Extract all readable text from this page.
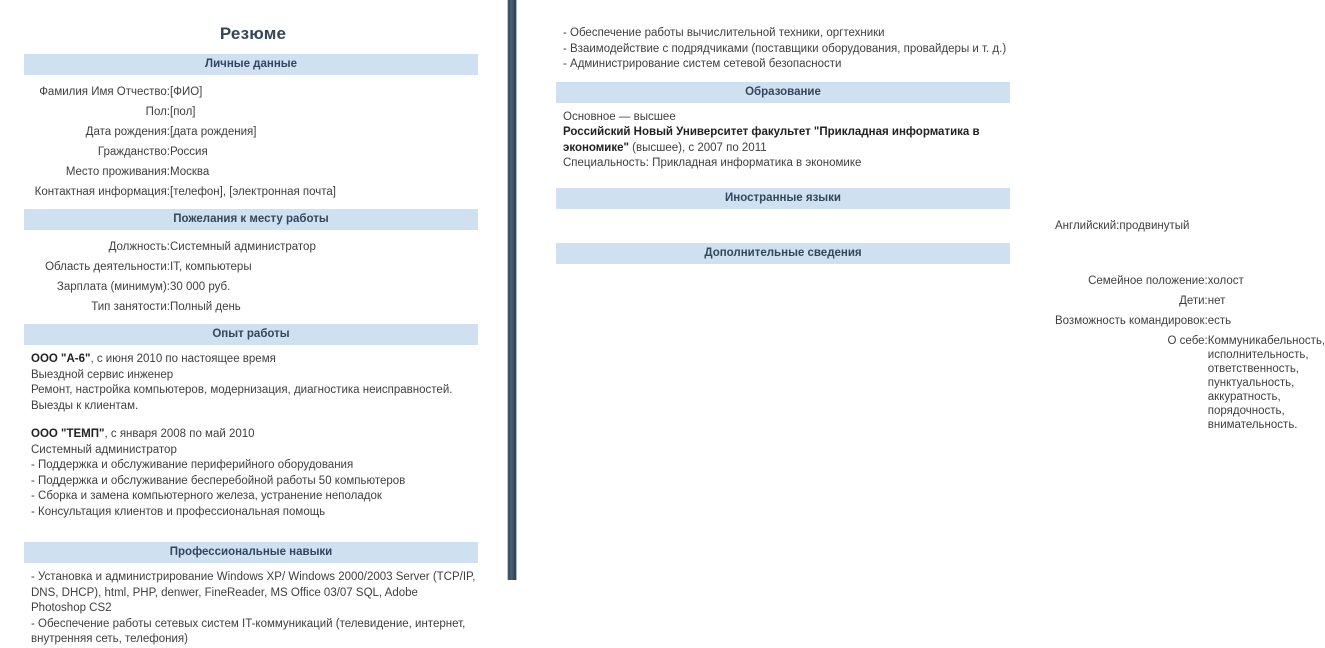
Резюме
Личные данные
Фамилия Имя Отчество:	[ФИО]
Пол:	[пол]
Дата рождения:	[дата рождения]
Гражданство:	Россия
Место проживания:	Москва
Контактная информация:	[телефон], [электронная почта]
Пожелания к месту работы
Должность:	Системный администратор
Область деятельности:	IT, компьютеры
Зарплата (минимум):	30 000 руб.
Тип занятости:	Полный день
Опыт работы

ООО "А-6", с июня 2010 по настоящее время

Выездной сервис инженер

Ремонт, настройка компьютеров, модернизация, диагностика неисправностей. Выезды к клиентам.

ООО "ТЕМП", с января 2008 по май 2010

Системный администратор

- Поддержка и обслуживание периферийного оборудования

- Поддержка и обслуживание бесперебойной работы 50 компьютеров

- Сборка и замена компьютерного железа, устранение неполадок

- Консультация клиентов и профессиональная помощь

Профессиональные навыки

- Установка и администрирование Windows XP/ Windows 2000/2003 Server (TCP/IP, DNS, DHCP), html, PHP, denwer, FineReader, MS Office 03/07 SQL, Adobe Photoshop CS2

- Обеспечение работы сетевых систем IT-коммуникаций (телевидение, интернет, внутренняя сеть, телефония)

- Обеспечение работы вычислительной техники, оргтехники

- Взаимодействие с подрядчиками (поставщики оборудования, провайдеры и т. д.)

- Администрирование систем сетевой безопасности

Образование

Основное — высшее

Российский Новый Университет факультет "Прикладная информатика в экономике" (высшее), с 2007 по 2011

Специальность: Прикладная информатика в экономике

Иностранные языки
Английский:	продвинутый
Дополнительные сведения
Семейное положение:	холост
Дети:	нет
Возможность командировок:	есть
О себе:	Коммуникабельность, исполнительность, ответственность, пунктуальность, аккуратность, порядочность, внимательность.
